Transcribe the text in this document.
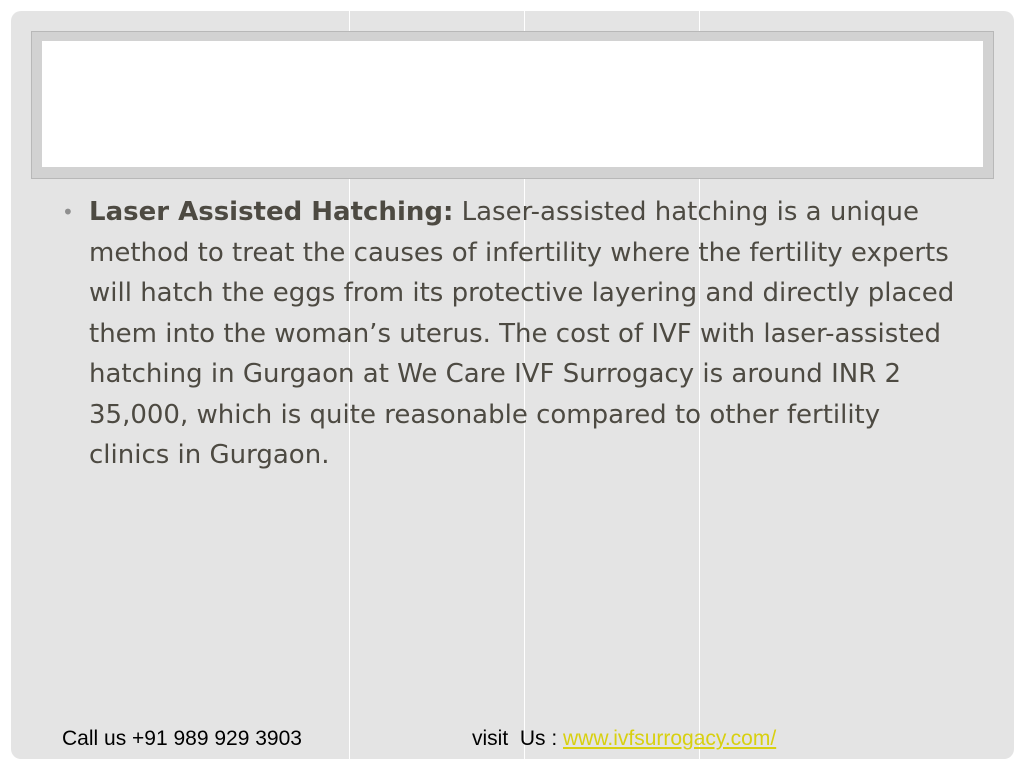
• Laser Assisted Hatching: Laser-assisted hatching is a unique method to treat the causes of infertility where the fertility experts will hatch the eggs from its protective layering and directly placed them into the woman’s uterus. The cost of IVF with laser-assisted hatching in Gurgaon at We Care IVF Surrogacy is around INR 2 35,000, which is quite reasonable compared to other fertility clinics in Gurgaon.
Call us +91 989 929 3903	visit  Us : www.ivfsurrogacy.com/
